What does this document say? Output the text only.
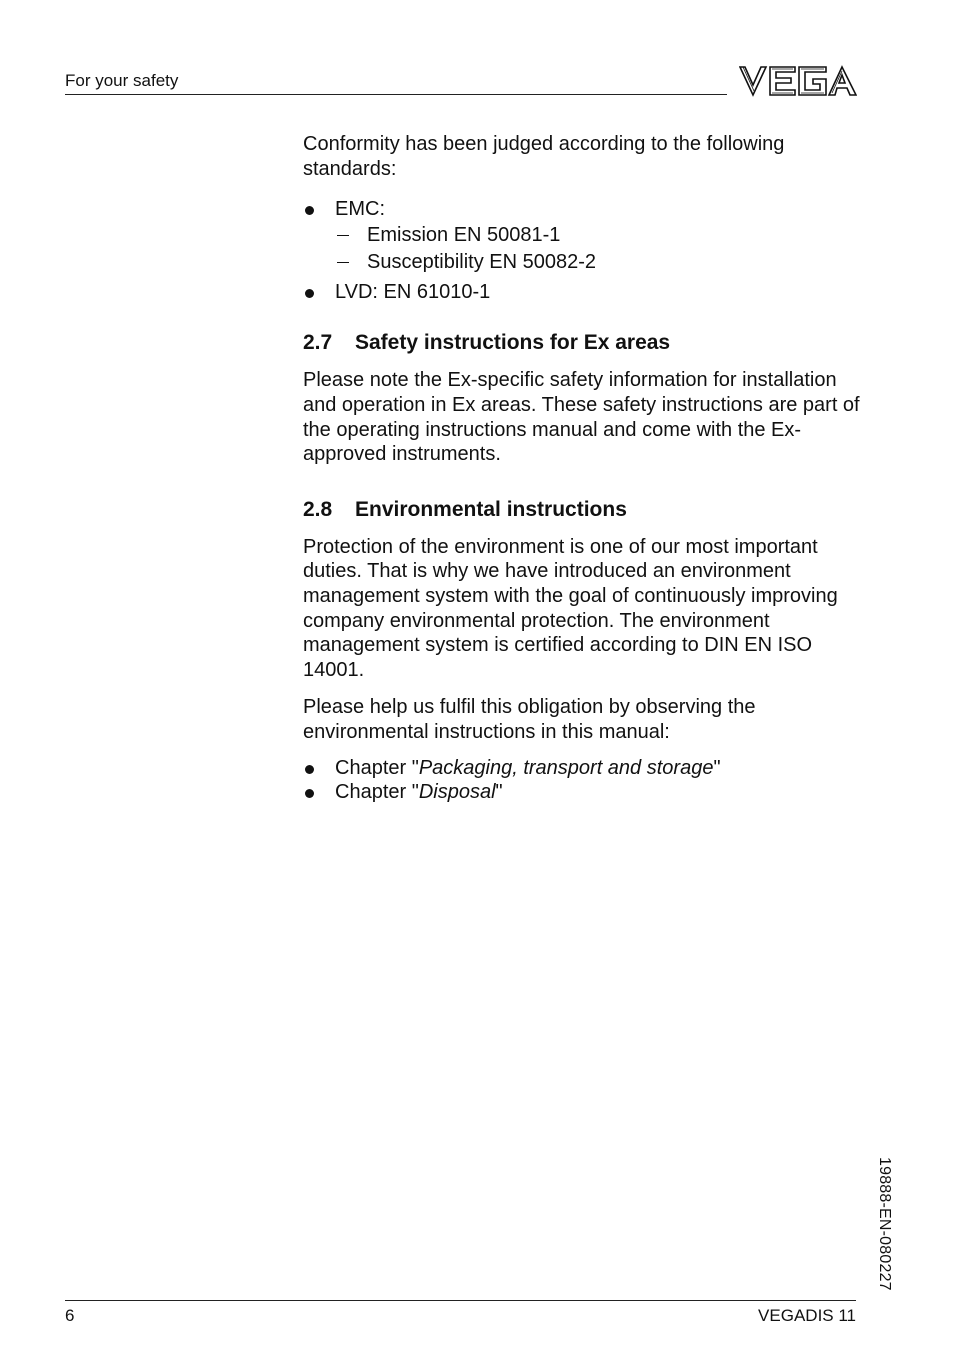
For your safety

Conformity has been judged according to the following standards:

EMC:
Emission EN 50081-1
Susceptibility EN 50082-2
LVD: EN 61010-1
2.7 Safety instructions for Ex areas

Please note the Ex-specific safety information for installation and operation in Ex areas. These safety instructions are part of the operating instructions manual and come with the Ex-approved instruments.

2.8 Environmental instructions

Protection of the environment is one of our most important duties. That is why we have introduced an environment management system with the goal of continuously improving company environmental protection. The environment management system is certified according to DIN EN ISO 14001.

Please help us fulfil this obligation by observing the environmental instructions in this manual:

Chapter "Packaging, transport and storage"
Chapter "Disposal"
19888-EN-080227
6	VEGADIS 11
